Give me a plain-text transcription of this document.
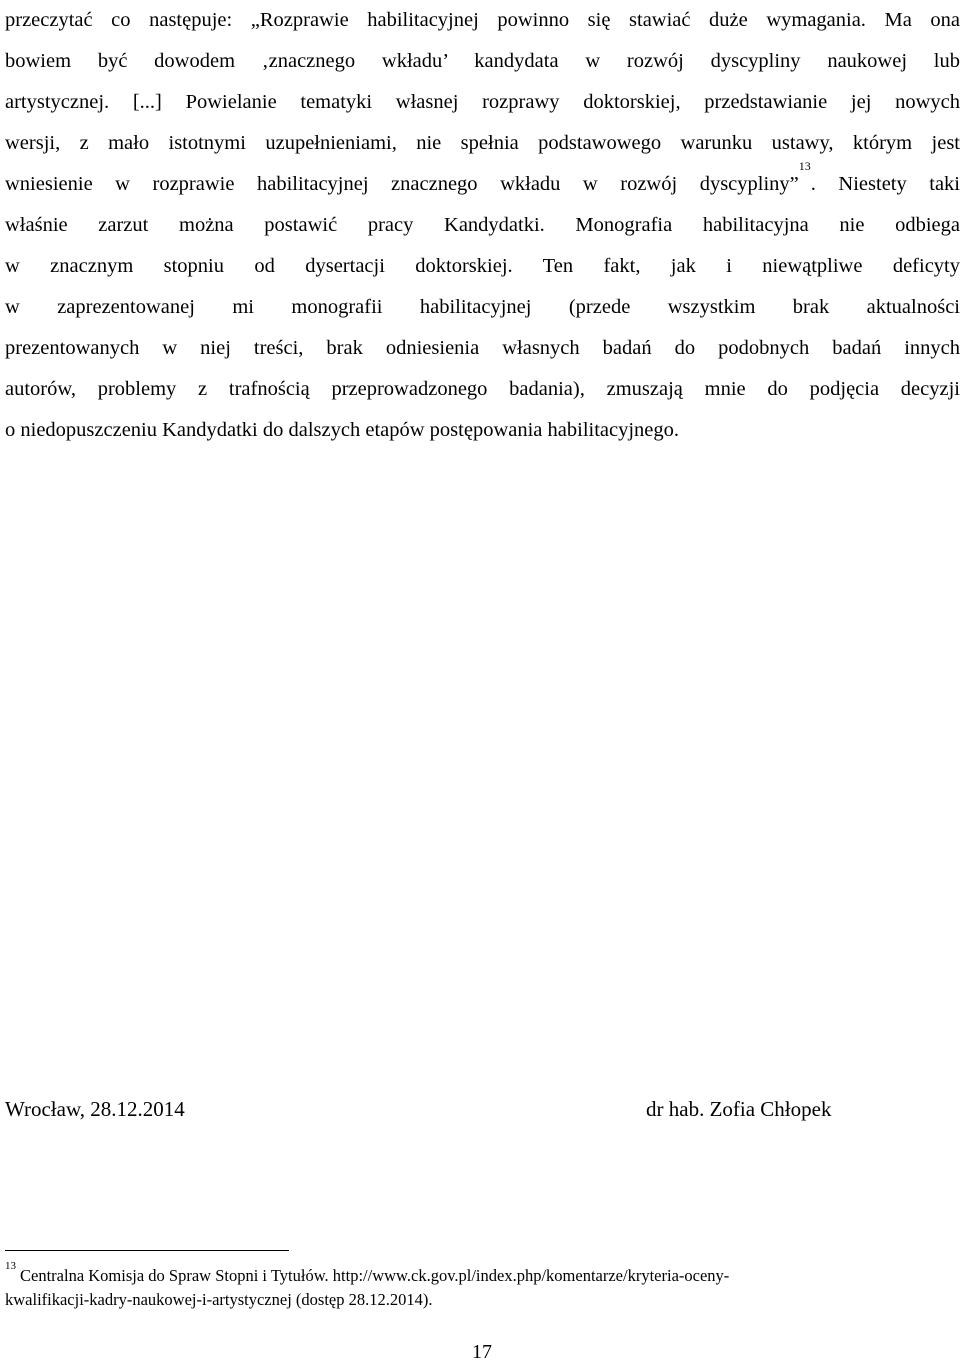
przeczytać co następuje: „Rozprawie habilitacyjnej powinno się stawiać duże wymagania. Ma ona
bowiem być dowodem ‚znacznego wkładu’ kandydata w rozwój dyscypliny naukowej lub
artystycznej. [...] Powielanie tematyki własnej rozprawy doktorskiej, przedstawianie jej nowych
wersji, z mało istotnymi uzupełnieniami, nie spełnia podstawowego warunku ustawy, którym jest
wniesienie w rozprawie habilitacyjnej znacznego wkładu w rozwój dyscypliny”$^{13}$. Niestety taki
właśnie zarzut można postawić pracy Kandydatki. Monografia habilitacyjna nie odbiega
w znacznym stopniu od dysertacji doktorskiej. Ten fakt, jak i niewątpliwe deficyty
w zaprezentowanej mi monografii habilitacyjnej (przede wszystkim brak aktualności
prezentowanych w niej treści, brak odniesienia własnych badań do podobnych badań innych
autorów, problemy z trafnością przeprowadzonego badania), zmuszają mnie do podjęcia decyzji
o niedopuszczeniu Kandydatki do dalszych etapów postępowania habilitacyjnego.
Wrocław, 28.12.2014	dr hab. Zofia Chłopek
$^{13}$ Centralna Komisja do Spraw Stopni i Tytułów. http://www.ck.gov.pl/index.php/komentarze/kryteria-oceny-
kwalifikacji-kadry-naukowej-i-artystycznej (dostęp 28.12.2014).
17
